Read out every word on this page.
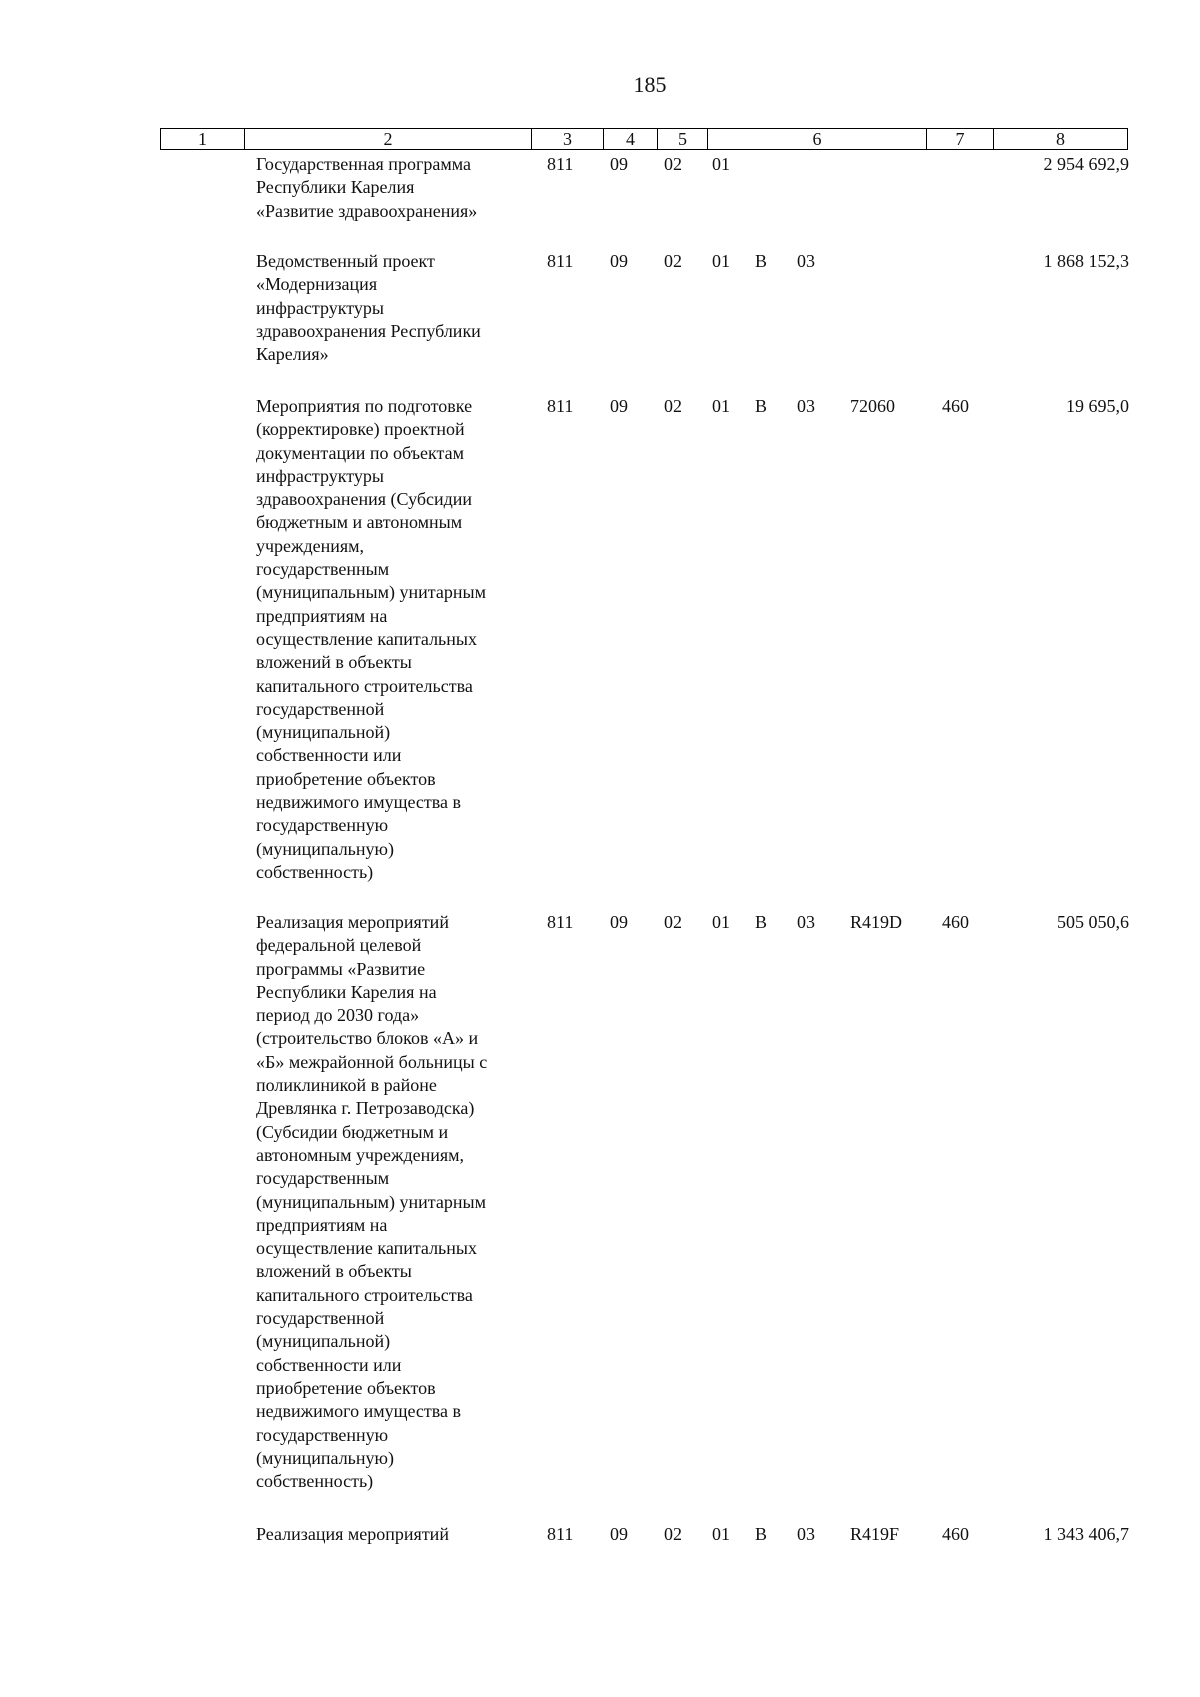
185
1	2	3	4	5	6	7	8
Государственная программа
Республики Карелия
«Развитие здравоохранения»
811 09 02 01	2 954 692,9
Ведомственный проект
«Модернизация
инфраструктуры
здравоохранения Республики
Карелия»
811 09 02 01 В 03	1 868 152,3
Мероприятия по подготовке
(корректировке) проектной
документации по объектам
инфраструктуры
здравоохранения (Субсидии
бюджетным и автономным
учреждениям,
государственным
(муниципальным) унитарным
предприятиям на
осуществление капитальных
вложений в объекты
капитального строительства
государственной
(муниципальной)
собственности или
приобретение объектов
недвижимого имущества в
государственную
(муниципальную)
собственность)
811 09 02 01 В 03 72060	460	19 695,0
Реализация мероприятий
федеральной целевой
программы «Развитие
Республики Карелия на
период до 2030 года»
(строительство блоков «А» и
«Б» межрайонной больницы с
поликлиникой в районе
Древлянка г. Петрозаводска)
(Субсидии бюджетным и
автономным учреждениям,
государственным
(муниципальным) унитарным
предприятиям на
осуществление капитальных
вложений в объекты
капитального строительства
государственной
(муниципальной)
собственности или
приобретение объектов
недвижимого имущества в
государственную
(муниципальную)
собственность)
811 09 02 01 В 03 R419D 460	505 050,6
Реализация мероприятий	811 09 02 01 В 03 R419F 460	1 343 406,7
